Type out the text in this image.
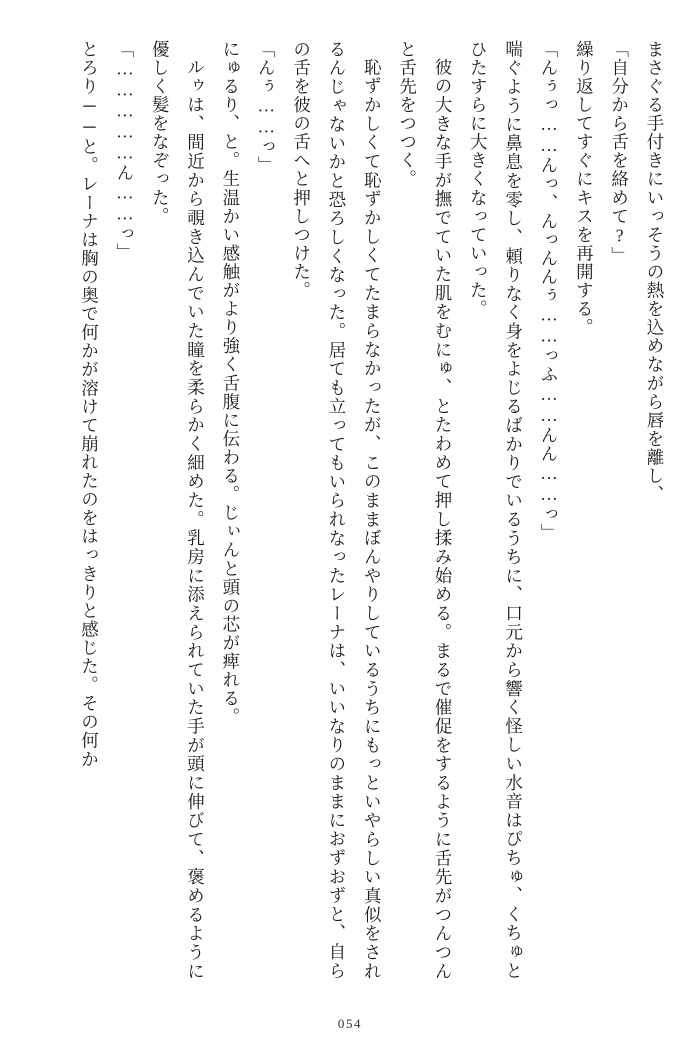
まさぐる手付きにいっそうの熱を込めながら唇を離し、

「自分から舌を絡めて?」

繰り返してすぐにキスを再開する。

「んぅっ……んっ、んっんんぅ……っふ……んん……っ」

喘ぐように鼻息を零し、頼りなく身をよじるばかりでいるうちに、口元から響く怪しい水音はぴちゅ、くちゅとひたすらに大きくなっていった。

彼の大きな手が撫でていた肌をむにゅ、とたわめて押し揉み始める。まるで催促をするように舌先がつんつんと舌先をつつく。

恥ずかしくて恥ずかしくてたまらなかったが、このままぼんやりしているうちにもっといやらしい真似をされるんじゃないかと恐ろしくなった。居ても立ってもいられなったレーナは、いいなりのままにおずおずと、自らの舌を彼の舌へと押しつけた。

「んぅ……っ」

にゅるり、と。生温かい感触がより強く舌腹に伝わる。じぃんと頭の芯が痺れる。

ルゥは、間近から覗き込んでいた瞳を柔らかく細めた。乳房に添えられていた手が頭に伸びて、褒めるように優しく髪をなぞった。

「……………ん……っ」

とろり──と。レーナは胸の奥で何かが溶けて崩れたのをはっきりと感じた。その何か

054
